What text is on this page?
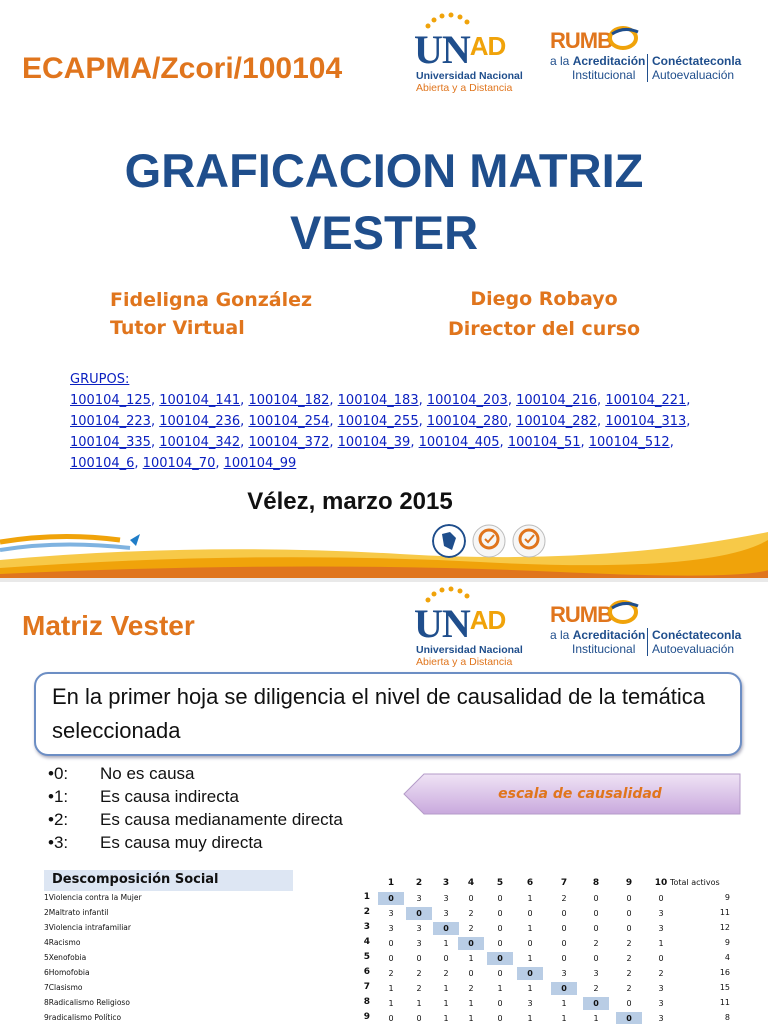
ECAPMA/Zcori/100104 $UN^{AD}$
Universidad Nacional
Abierta y a Distancia
RUMB
a la Acreditación
Institucional
Conéctateconla
Autoevaluación
GRAFICACION MATRIZ
VESTER
Fideligna González
Tutor Virtual
Diego Robayo
Director del curso
GRUPOS:
100104_125, 100104_141, 100104_182, 100104_183, 100104_203, 100104_216, 100104_221,
100104_223, 100104_236, 100104_254, 100104_255, 100104_280, 100104_282, 100104_313,
100104_335, 100104_342, 100104_372, 100104_39, 100104_405, 100104_51, 100104_512,
100104_6, 100104_70, 100104_99
Vélez, marzo 2015
Matriz Vester	$UN^{AD}$
Universidad Nacional
Abierta y a Distancia
RUMB
a la Acreditación
Institucional
Conéctateconla
Autoevaluación
En la primer hoja se diligencia el nivel de causalidad de la temática seleccionada
•0: No es causa
•1: Es causa indirecta
•2: Es causa medianamente directa
•3: Es causa muy directa
escala de causalidad
Descomposición Social	1	2	3	4	5	6	7	8	9	10 Total activos
1Violencia contra la Mujer	1	0	3	3	0	0	1	2	0	0	0	9
2Maltrato infantil	2	3	0	3	2	0	0	0	0	0	3	11
3Violencia intrafamiliar	3	3	3	0	2	0	1	0	0	0	3	12
4Racismo	4	0	3	1	0	0	0	0	2	2	1	9
5Xenofobia	5	0	0	0	1	0	1	0	0	2	0	4
6Homofobia	6	2	2	2	0	0	0	3	3	2	2	16
7Clasismo	7	1	2	1	2	1	1	0	2	2	3	15
8Radicalismo Religioso	8	1	1	1	1	0	3	1	0	0	3	11
9radicalismo Político	9	0	0	1	1	0	1	1	1	0	3	8
